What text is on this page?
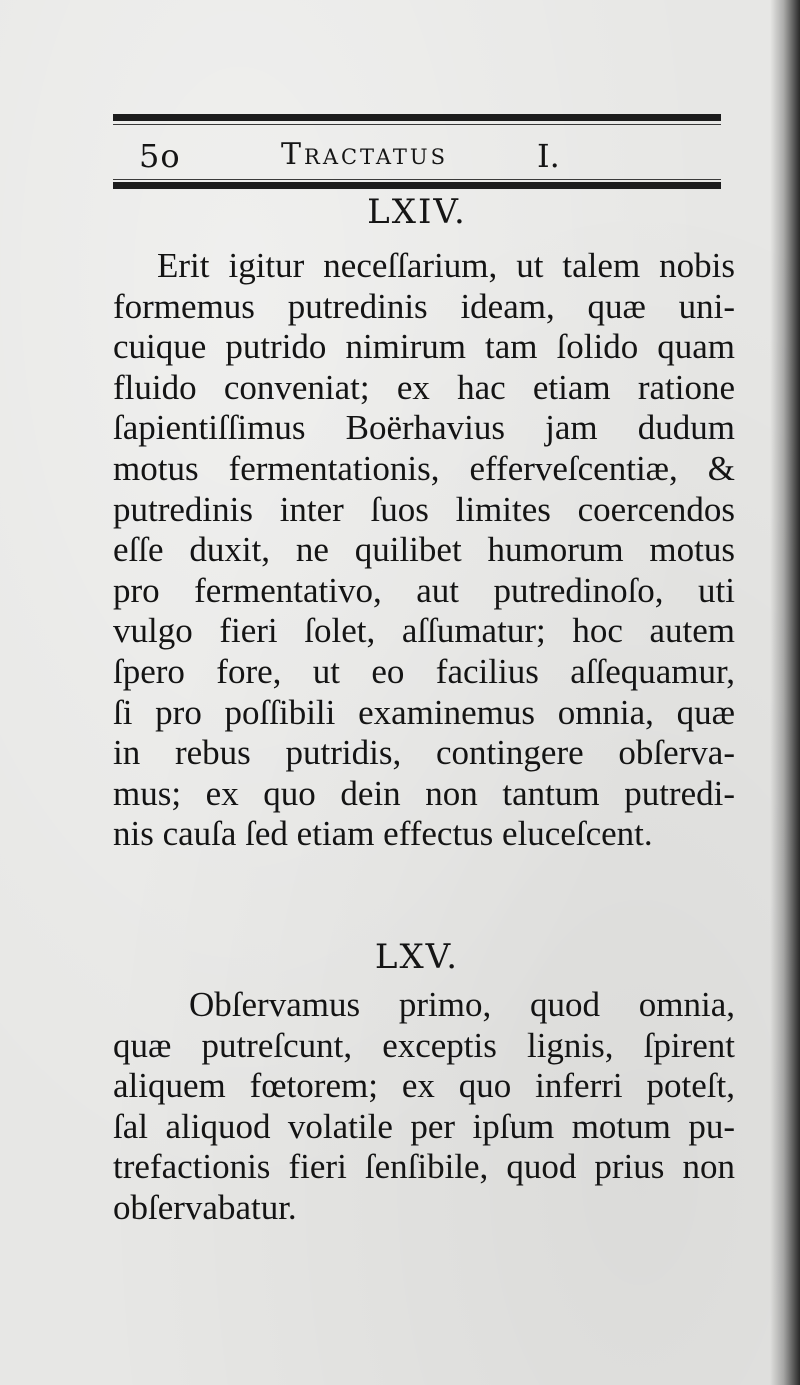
5o	Tractatus	I.
LXIV.
Erit igitur neceſſarium, ut talem nobis
formemus putredinis ideam, quæ uni-
cuique putrido nimirum tam ſolido quam
fluido conveniat; ex hac etiam ratione
ſapientiſſimus Boërhavius jam dudum
motus fermentationis, efferveſcentiæ, &
putredinis inter ſuos limites coercendos
eſſe duxit, ne quilibet humorum motus
pro fermentativo, aut putredinoſo, uti
vulgo fieri ſolet, aſſumatur; hoc autem
ſpero fore, ut eo facilius aſſequamur,
ſi pro poſſibili examinemus omnia, quæ
in rebus putridis, contingere obſerva-
mus; ex quo dein non tantum putredi-
nis cauſa ſed etiam effectus eluceſcent.
LXV.
Obſervamus primo, quod omnia,
quæ putreſcunt, exceptis lignis, ſpirent
aliquem fœtorem; ex quo inferri poteſt,
ſal aliquod volatile per ipſum motum pu-
trefactionis fieri ſenſibile, quod prius non
obſervabatur.
